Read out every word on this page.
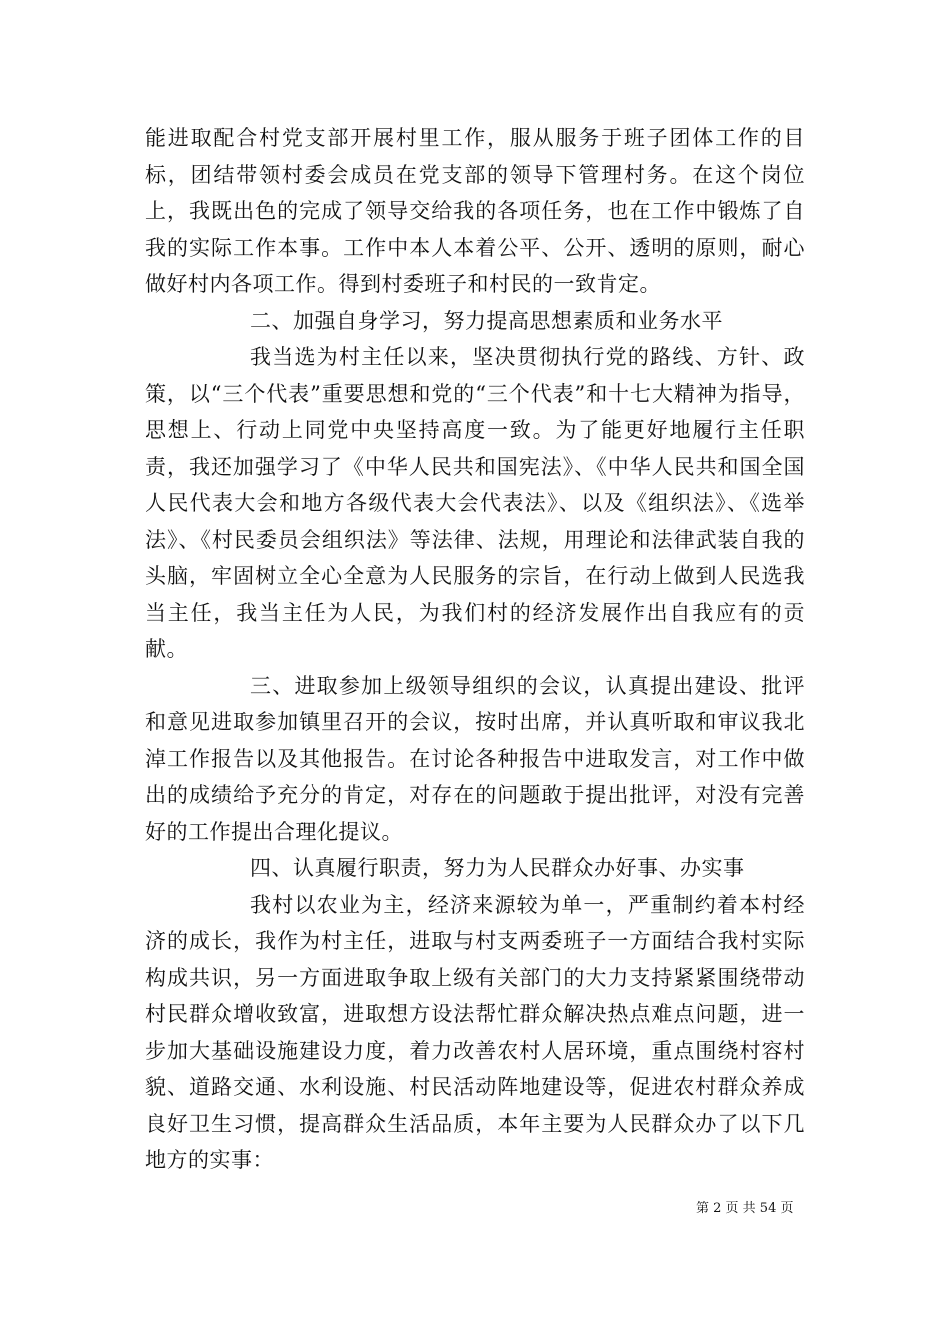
能进取配合村党支部开展村里工作，服从服务于班子团体工作的目标，团结带领村委会成员在党支部的领导下管理村务。在这个岗位上，我既出色的完成了领导交给我的各项任务，也在工作中锻炼了自我的实际工作本事。工作中本人本着公平、公开、透明的原则，耐心做好村内各项工作。得到村委班子和村民的一致肯定。

二、加强自身学习，努力提高思想素质和业务水平

我当选为村主任以来，坚决贯彻执行党的路线、方针、政策，以“三个代表”重要思想和党的“三个代表”和十七大精神为指导，思想上、行动上同党中央坚持高度一致。为了能更好地履行主任职责，我还加强学习了《中华人民共和国宪法》、《中华人民共和国全国人民代表大会和地方各级代表大会代表法》、以及《组织法》、《选举法》、《村民委员会组织法》等法律、法规，用理论和法律武装自我的头脑，牢固树立全心全意为人民服务的宗旨，在行动上做到人民选我当主任，我当主任为人民，为我们村的经济发展作出自我应有的贡献。

三、进取参加上级领导组织的会议，认真提出建设、批评和意见进取参加镇里召开的会议，按时出席，并认真听取和审议我北淖工作报告以及其他报告。在讨论各种报告中进取发言，对工作中做出的成绩给予充分的肯定，对存在的问题敢于提出批评，对没有完善好的工作提出合理化提议。

四、认真履行职责，努力为人民群众办好事、办实事

我村以农业为主，经济来源较为单一，严重制约着本村经济的成长，我作为村主任，进取与村支两委班子一方面结合我村实际构成共识，另一方面进取争取上级有关部门的大力支持紧紧围绕带动村民群众增收致富，进取想方设法帮忙群众解决热点难点问题，进一步加大基础设施建设力度，着力改善农村人居环境，重点围绕村容村貌、道路交通、水利设施、村民活动阵地建设等，促进农村群众养成良好卫生习惯，提高群众生活品质，本年主要为人民群众办了以下几地方的实事：

第 2 页 共 54 页
